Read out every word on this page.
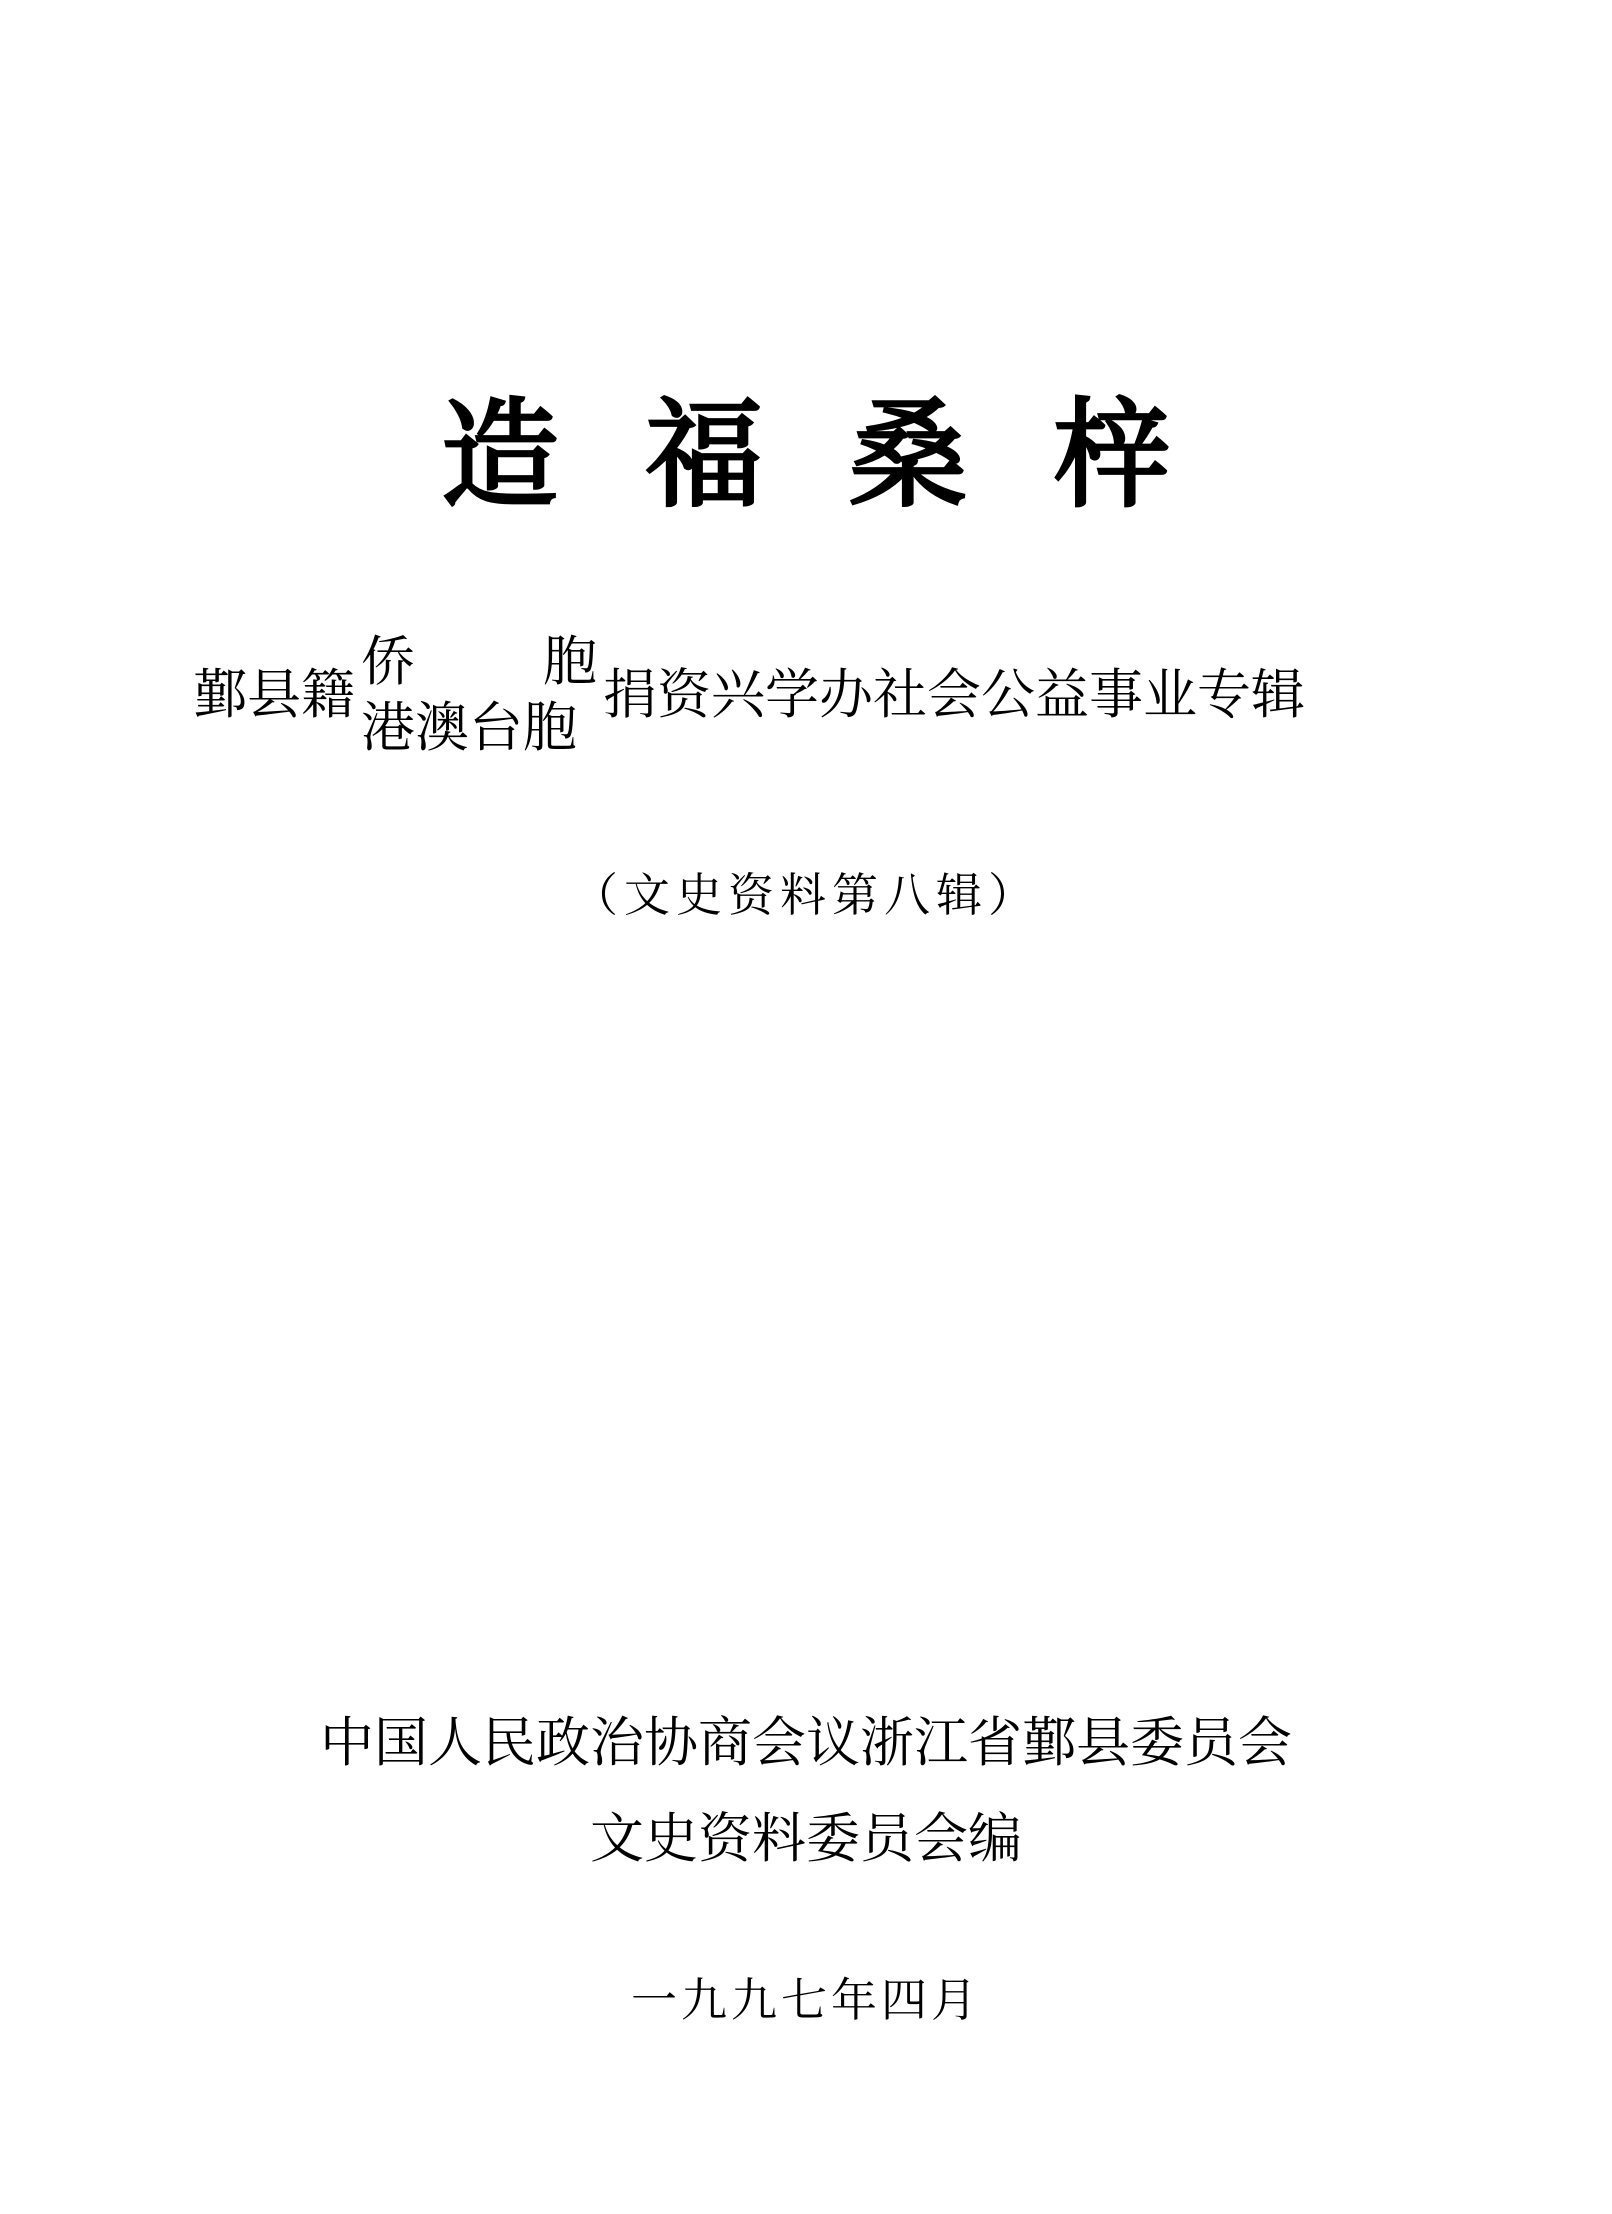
造福桑梓
鄞县籍
侨 胞
港澳台胞
捐资兴学办社会公益事业专辑
（文史资料第八辑）
中国人民政治协商会议浙江省鄞县委员会
文史资料委员会编
一九九七年四月
